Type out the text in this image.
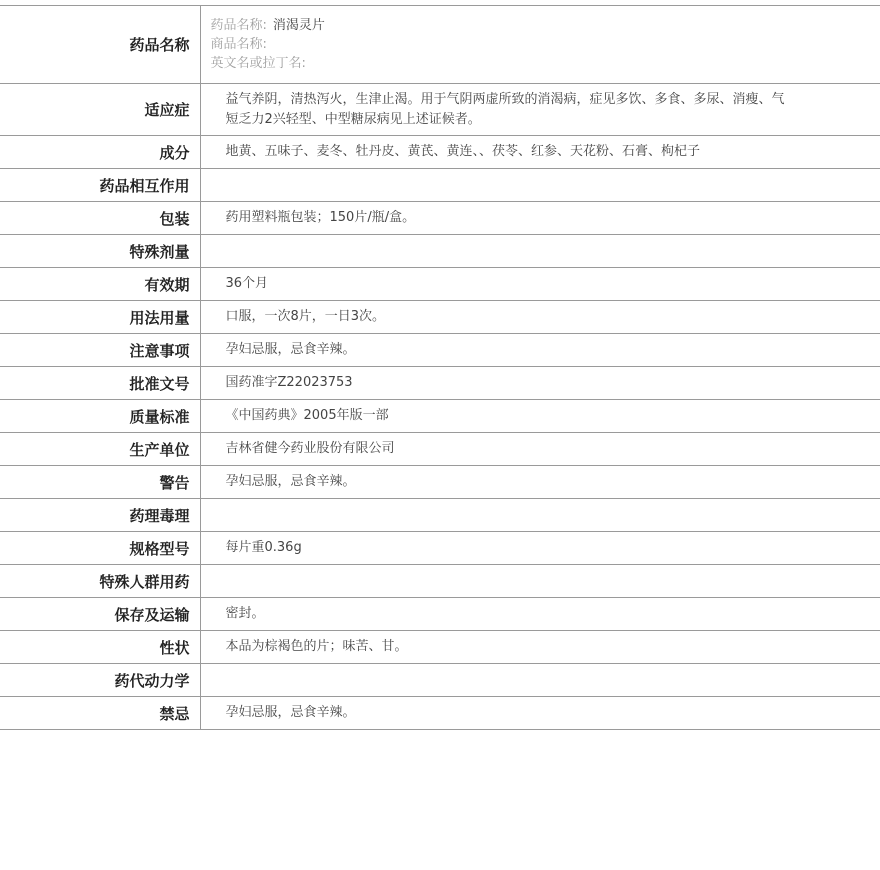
药品名称	药品名称: 消渴灵片
商品名称:
英文名或拉丁名:

适应症	益气养阴，清热泻火，生津止渴。用于气阴两虚所致的消渴病，症见多饮、多食、多尿、消瘦、气短乏力2兴轻型、中型糖尿病见上述证候者。
成分	地黄、五味子、麦冬、牡丹皮、黄芪、黄连、、茯苓、红参、天花粉、石膏、枸杞子
药品相互作用	
包装	药用塑料瓶包装；150片/瓶/盒。
特殊剂量	
有效期	36个月
用法用量	口服，一次8片，一日3次。
注意事项	孕妇忌服，忌食辛辣。
批准文号	国药准字Z22023753
质量标准	《中国药典》2005年版一部
生产单位	吉林省健今药业股份有限公司
警告	孕妇忌服，忌食辛辣。
药理毒理	
规格型号	每片重0.36g
特殊人群用药	
保存及运输	密封。
性状	本品为棕褐色的片；味苦、甘。
药代动力学	
禁忌	孕妇忌服，忌食辛辣。
